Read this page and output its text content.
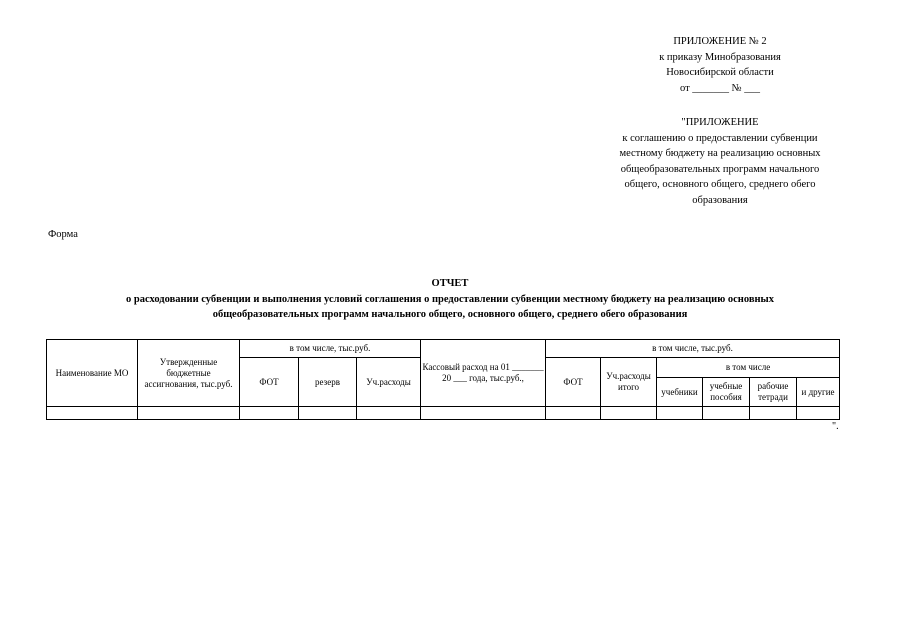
ПРИЛОЖЕНИЕ № 2
к приказу Минобразования
Новосибирской области
от _______ № ___
"ПРИЛОЖЕНИЕ
к соглашению о предоставлении субвенции
местному бюджету на реализацию основных
общеобразовательных программ начального
общего, основного общего, среднего обего
образования
Форма
ОТЧЕТ
о расходовании субвенции и выполнения условий соглашения о предоставлении субвенции местному бюджету на реализацию основных
общеобразовательных программ начального общего, основного общего, среднего обего образования
Наименование МО	Утвержденные бюджетные ассигнования, тыс.руб.	в том числе, тыс.руб.			Кассовый расход на 01 _______ 20 ___ года, тыс.руб.,	в том числе, тыс.руб.					
		ФОТ	резерв	Уч.расходы		ФОТ	Уч.расходы итого	в том числе			
								учебники	учебные пособия	рабочие тетради	и другие

".
